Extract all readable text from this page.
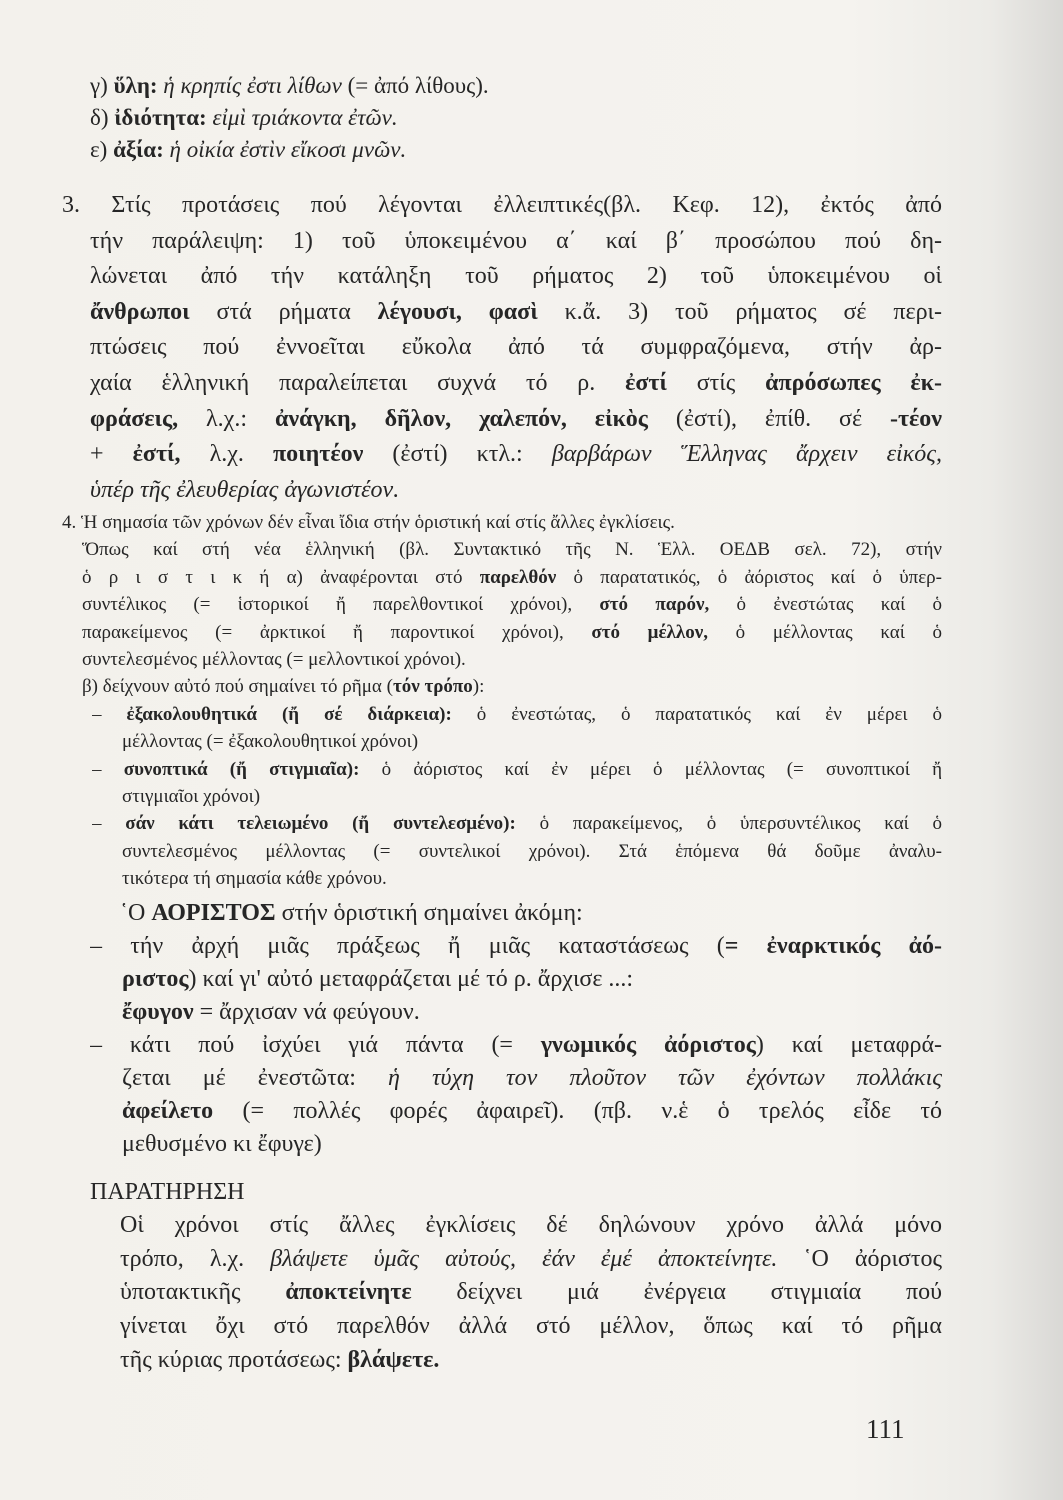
111
γ) ὕλη: ἡ κρηπίς ἐστι λίθων (= ἀπό λίθους).
δ) ἰδιότητα: εἰμὶ τριάκοντα ἐτῶν.
ε) ἀξία: ἡ οἰκία ἐστὶν εἴκοσι μνῶν.
3. Στίς προτάσεις πού λέγονται ἐλλειπτικές(βλ. Κεφ. 12), ἐκτός ἀπό
τήν παράλειψη: 1) τοῦ ὑποκειμένου α΄ καί β΄ προσώπου πού δη-
λώνεται ἀπό τήν κατάληξη τοῦ ρήματος 2) τοῦ ὑποκειμένου οἱ
ἄνθρωποι στά ρήματα λέγουσι, φασὶ κ.ἄ. 3) τοῦ ρήματος σέ περι-
πτώσεις πού ἐννοεῖται εὔκολα ἀπό τά συμφραζόμενα, στήν ἀρ-
χαία ἑλληνική παραλείπεται συχνά τό ρ. ἐστί στίς ἀπρόσωπες ἐκ-
φράσεις, λ.χ.: ἀνάγκη, δῆλον, χαλεπόν, εἰκὸς (ἐστί), ἐπίθ. σέ -τέον
+ ἐστί, λ.χ. ποιητέον (ἐστί) κτλ.: βαρβάρων Ἕλληνας ἄρχειν εἰκός,
ὑπέρ τῆς ἐλευθερίας ἀγωνιστέον.
4. Ἡ σημασία τῶν χρόνων δέν εἶναι ἴδια στήν ὁριστική καί στίς ἄλλες ἐγκλίσεις.
Ὅπως καί στή νέα ἑλληνική (βλ. Συντακτικό τῆς Ν. Ἑλλ. ΟΕΔΒ σελ. 72), στήν
ὁ ρ ι σ τ ι κ ή α) ἀναφέρονται στό παρελθόν ὁ παρατατικός, ὁ ἀόριστος καί ὁ ὑπερ-
συντέλικος (= ἱστορικοί ἤ παρελθοντικοί χρόνοι), στό παρόν, ὁ ἐνεστώτας καί ὁ
παρακείμενος (= ἀρκτικοί ἤ παροντικοί χρόνοι), στό μέλλον, ὁ μέλλοντας καί ὁ
συντελεσμένος μέλλοντας (= μελλοντικοί χρόνοι).
β) δείχνουν αὐτό πού σημαίνει τό ρῆμα (τόν τρόπο):
– ἐξακολουθητικά (ἤ σέ διάρκεια): ὁ ἐνεστώτας, ὁ παρατατικός καί ἐν μέρει ὁ
μέλλοντας (= ἐξακολουθητικοί χρόνοι)
– συνοπτικά (ἤ στιγμιαῖα): ὁ ἀόριστος καί ἐν μέρει ὁ μέλλοντας (= συνοπτικοί ἤ
στιγμιαῖοι χρόνοι)
– σάν κάτι τελειωμένο (ἤ συντελεσμένο): ὁ παρακείμενος, ὁ ὑπερσυντέλικος καί ὁ
συντελεσμένος μέλλοντας (= συντελικοί χρόνοι). Στά ἑπόμενα θά δοῦμε ἀναλυ-
τικότερα τή σημασία κάθε χρόνου.
῾Ο ΑΟΡΙΣΤΟΣ στήν ὁριστική σημαίνει ἀκόμη:
– τήν ἀρχή μιᾶς πράξεως ἤ μιᾶς καταστάσεως (= ἐναρκτικός ἀό-
ριστος) καί γι' αὐτό μεταφράζεται μέ τό ρ. ἄρχισε ...:
ἔφυγον = ἄρχισαν νά φεύγουν.
– κάτι πού ἰσχύει γιά πάντα (= γνωμικός ἀόριστος) καί μεταφρά-
ζεται μέ ἐνεστῶτα: ἡ τύχη τον πλοῦτον τῶν ἐχόντων πολλάκις
ἀφείλετο (= πολλές φορές ἀφαιρεῖ). (πβ. ν.ἑ ὁ τρελός εἶδε τό
μεθυσμένο κι ἔφυγε)
ΠΑΡΑΤΗΡΗΣΗ
Οἱ χρόνοι στίς ἄλλες ἐγκλίσεις δέ δηλώνουν χρόνο ἀλλά μόνο
τρόπο, λ.χ. βλάψετε ὑμᾶς αὐτούς, ἐάν ἐμέ ἀποκτείνητε. ῾Ο ἀόριστος
ὑποτακτικῆς ἀποκτείνητε δείχνει μιά ἐνέργεια στιγμιαία πού
γίνεται ὄχι στό παρελθόν ἀλλά στό μέλλον, ὅπως καί τό ρῆμα
τῆς κύριας προτάσεως: βλάψετε.
